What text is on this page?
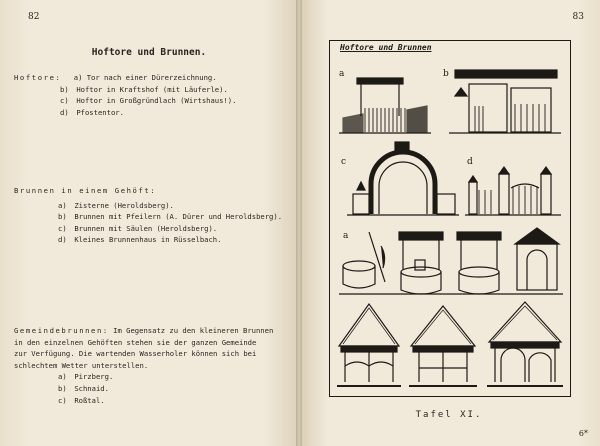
82
Hoftore und Brunnen.
Hoftore: a) Tor nach einer Dürerzeichnung.
b) Hoftor in Kraftshof (mit Läuferle).
c) Hoftor in Großgründlach (Wirtshaus!).
d) Pfostentor.
Brunnen in einem Gehöft:
a) Zisterne (Heroldsberg).
b) Brunnen mit Pfeilern (A. Dürer und Heroldsberg).
c) Brunnen mit Säulen (Heroldsberg).
d) Kleines Brunnenhaus in Rüsselbach.
Gemeindebrunnen: Im Gegensatz zu den kleineren Brunnen
in den einzelnen Gehöften stehen sie der ganzen Gemeinde
zur Verfügung. Die wartenden Wasserholer können sich bei
schlechtem Wetter unterstellen.
a) Pirzberg.
b) Schnaid.
c) Roßtal.
83
Hoftore und Brunnen
a	b
c	d
a
Tafel XI.
6*
